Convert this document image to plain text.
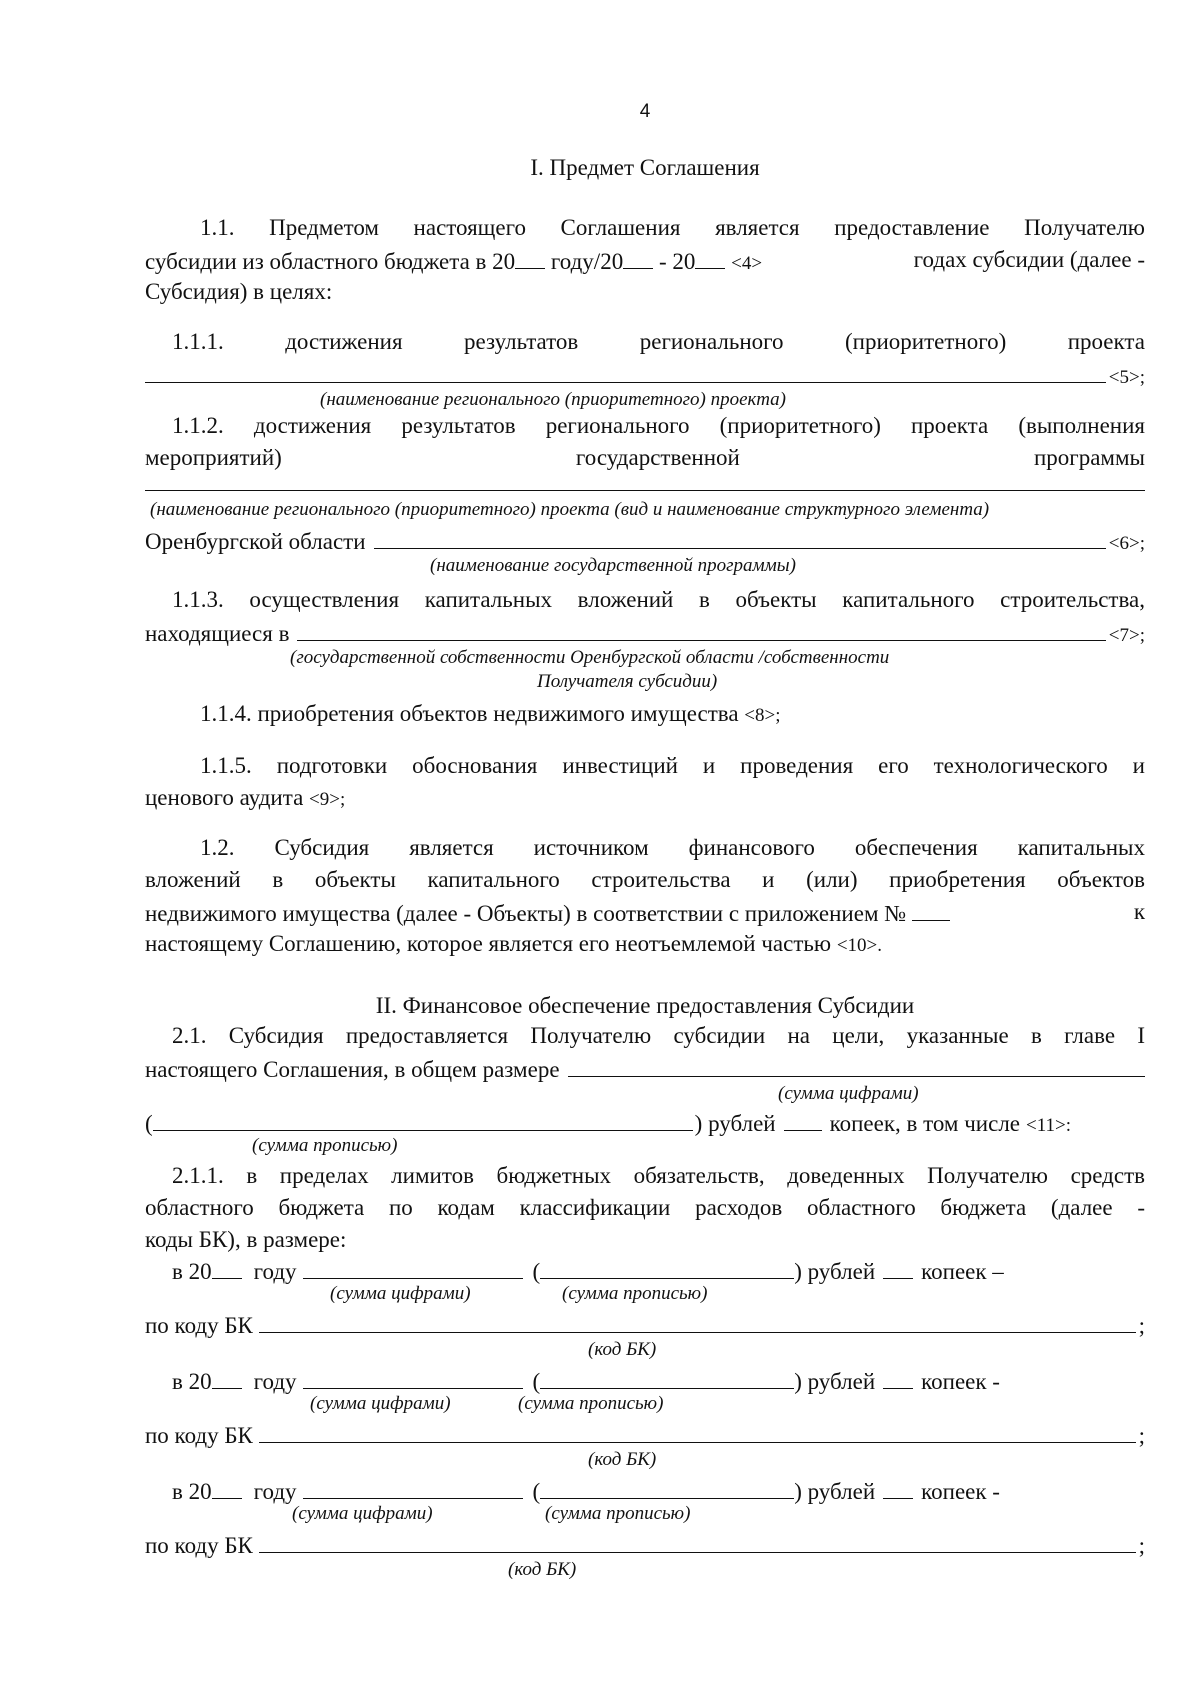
4
I. Предмет Соглашения
1.1. Предметом настоящего Соглашения является предоставление Получателю
субсидии из областного бюджета в 20 году/20 - 20 <4>	годах субсидии (далее -
Субсидия) в целях:
1.1.1.	достижения	результатов	регионального	(приоритетного)	проекта
<5>;
(наименование регионального (приоритетного) проекта)
1.1.2. достижения результатов регионального (приоритетного) проекта (выполнения
мероприятий)	государственной	программы
(наименование регионального (приоритетного) проекта (вид и наименование структурного элемента)
Оренбургской области	<6>;
(наименование государственной программы)
1.1.3. осуществления капитальных вложений в объекты капитального строительства,
находящиеся в	<7>;
(государственной собственности Оренбургской области /собственности
Получателя субсидии)
1.1.4. приобретения объектов недвижимого имущества <8>;
1.1.5. подготовки обоснования инвестиций и проведения его технологического и
ценового аудита <9>;
1.2. Субсидия является источником финансового обеспечения капитальных
вложений в объекты капитального строительства и (или) приобретения объектов
недвижимого имущества (далее - Объекты) в соответствии с приложением №	к
настоящему Соглашению, которое является его неотъемлемой частью <10>.
II. Финансовое обеспечение предоставления Субсидии
2.1. Субсидия предоставляется Получателю субсидии на цели, указанные в главе I
настоящего Соглашения, в общем размере
(сумма цифрами)
(	) рублей копеек, в том числе <11>:
(сумма прописью)
2.1.1. в пределах лимитов бюджетных обязательств, доведенных Получателю средств
областного бюджета по кодам классификации расходов областного бюджета (далее -
коды БК), в размере:
в 20 году	(	) рублей копеек –
(сумма цифрами)	(сумма прописью)
по коду БК	;
(код БК)
в 20 году	(	) рублей копеек -
(сумма цифрами)	(сумма прописью)
по коду БК	;
(код БК)
в 20 году	(	) рублей копеек -
(сумма цифрами)	(сумма прописью)
по коду БК	;
(код БК)
